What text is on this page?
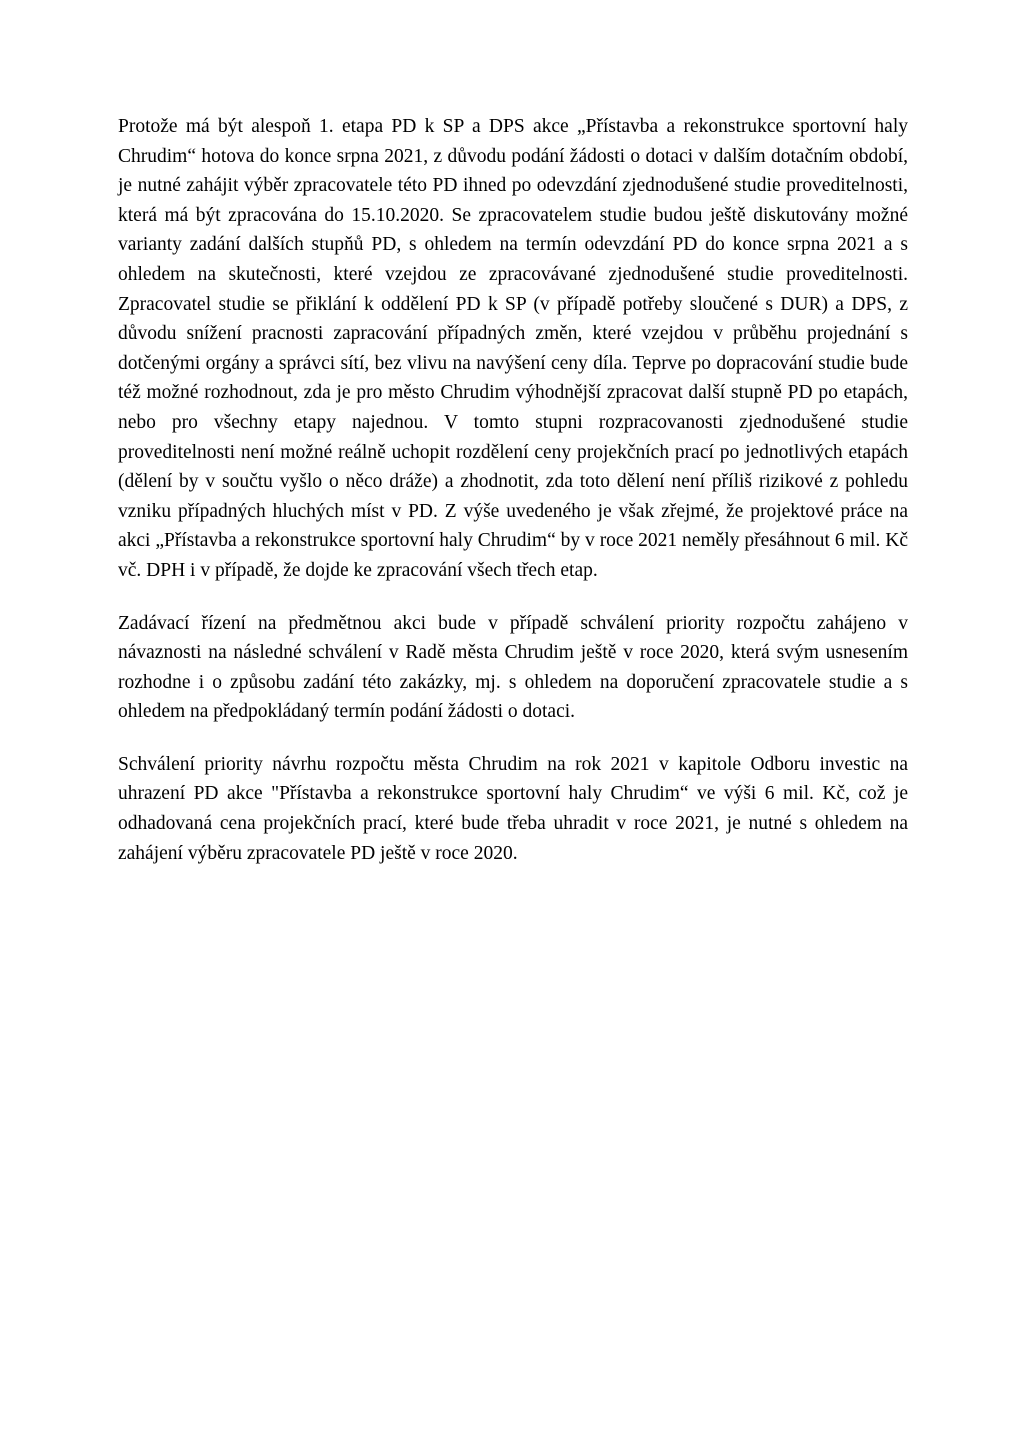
Protože má být alespoň 1. etapa PD k SP a DPS akce „Přístavba a rekonstrukce sportovní haly Chrudim“ hotova do konce srpna 2021, z důvodu podání žádosti o dotaci v dalším dotačním období, je nutné zahájit výběr zpracovatele této PD ihned po odevzdání zjednodušené studie proveditelnosti, která má být zpracována do 15.10.2020. Se zpracovatelem studie budou ještě diskutovány možné varianty zadání dalších stupňů PD, s ohledem na termín odevzdání PD do konce srpna 2021 a s ohledem na skutečnosti, které vzejdou ze zpracovávané zjednodušené studie proveditelnosti. Zpracovatel studie se přiklání k oddělení PD k SP (v případě potřeby sloučené s DUR) a DPS, z důvodu snížení pracnosti zapracování případných změn, které vzejdou v průběhu projednání s dotčenými orgány a správci sítí, bez vlivu na navýšení ceny díla. Teprve po dopracování studie bude též možné rozhodnout, zda je pro město Chrudim výhodnější zpracovat další stupně PD po etapách, nebo pro všechny etapy najednou. V tomto stupni rozpracovanosti zjednodušené studie proveditelnosti není možné reálně uchopit rozdělení ceny projekčních prací po jednotlivých etapách (dělení by v součtu vyšlo o něco dráže) a zhodnotit, zda toto dělení není příliš rizikové z pohledu vzniku případných hluchých míst v PD. Z výše uvedeného je však zřejmé, že projektové práce na akci „Přístavba a rekonstrukce sportovní haly Chrudim“ by v roce 2021 neměly přesáhnout 6 mil. Kč vč. DPH i v případě, že dojde ke zpracování všech třech etap.

Zadávací řízení na předmětnou akci bude v případě schválení priority rozpočtu zahájeno v návaznosti na následné schválení v Radě města Chrudim ještě v roce 2020, která svým usnesením rozhodne i o způsobu zadání této zakázky, mj. s ohledem na doporučení zpracovatele studie a s ohledem na předpokládaný termín podání žádosti o dotaci.

Schválení priority návrhu rozpočtu města Chrudim na rok 2021 v kapitole Odboru investic na uhrazení PD akce "Přístavba a rekonstrukce sportovní haly Chrudim“ ve výši 6 mil. Kč, což je odhadovaná cena projekčních prací, které bude třeba uhradit v roce 2021, je nutné s ohledem na zahájení výběru zpracovatele PD ještě v roce 2020.
